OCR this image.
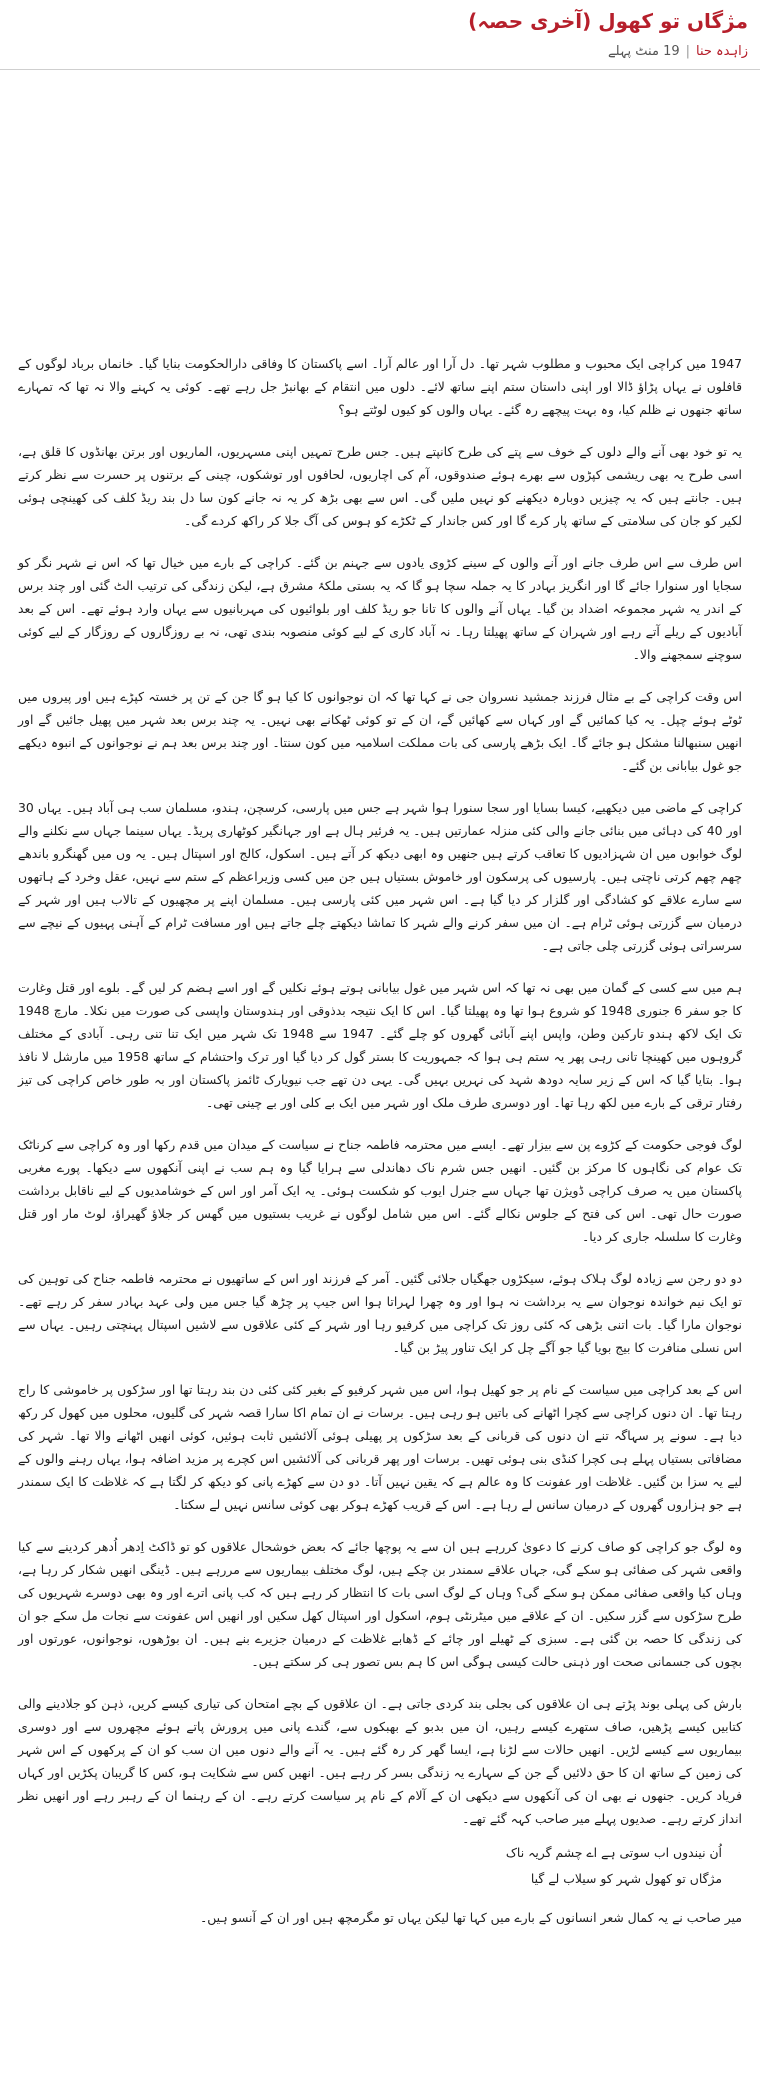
مژگاں تو کھول (آخری حصہ)
زاہدہ حنا|19 منٹ پہلے

1947 میں کراچی ایک محبوب و مطلوب شہر تھا۔ دل آرا اور عالم آرا۔ اسے پاکستان کا وفاقی دارالحکومت بنایا گیا۔ خانماں برباد لوگوں کے قافلوں نے یہاں پڑاؤ ڈالا اور اپنی داستان ستم اپنے ساتھ لائے۔ دلوں میں انتقام کے بھانبڑ جل رہے تھے۔ کوئی یہ کہنے والا نہ تھا کہ تمہارے ساتھ جنھوں نے ظلم کیا، وہ بہت پیچھے رہ گئے۔ یہاں والوں کو کیوں لوٹتے ہو؟

یہ تو خود بھی آنے والے دلوں کے خوف سے پتے کی طرح کانپتے ہیں۔ جس طرح تمہیں اپنی مسہریوں، الماریوں اور برتن بھانڈوں کا قلق ہے، اسی طرح یہ بھی ریشمی کپڑوں سے بھرے ہوئے صندوقوں، آم کی اچاریوں، لحافوں اور توشکوں، چینی کے برتنوں پر حسرت سے نظر کرتے ہیں۔ جانتے ہیں کہ یہ چیزیں دوبارہ دیکھنے کو نہیں ملیں گی۔ اس سے بھی بڑھ کر یہ نہ جانے کون سا دل بند ریڈ کلف کی کھینچی ہوئی لکیر کو جان کی سلامتی کے ساتھ پار کرے گا اور کس جاندار کے ٹکڑے کو ہوس کی آگ جلا کر راکھ کردے گی۔

اس طرف سے اس طرف جانے اور آنے والوں کے سینے کڑوی یادوں سے جہنم بن گئے۔ کراچی کے بارے میں خیال تھا کہ اس نے شہر نگر کو سجایا اور سنوارا جائے گا اور انگریز بہادر کا یہ جملہ سچا ہو گا کہ یہ بستی ملکۂ مشرق ہے، لیکن زندگی کی ترتیب الٹ گئی اور چند برس کے اندر یہ شہر مجموعہ اضداد بن گیا۔ یہاں آنے والوں کا تانا جو ریڈ کلف اور بلوائیوں کی مہربانیوں سے یہاں وارد ہوئے تھے۔ اس کے بعد آبادیوں کے ریلے آتے رہے اور شہران کے ساتھ پھیلتا رہا۔ نہ آباد کاری کے لیے کوئی منصوبہ بندی تھی، نہ بے روزگاروں کے روزگار کے لیے کوئی سوچنے سمجھنے والا۔

اس وقت کراچی کے بے مثال فرزند جمشید نسروان جی نے کہا تھا کہ ان نوجوانوں کا کیا ہو گا جن کے تن پر خستہ کپڑے ہیں اور پیروں میں ٹوٹے ہوئے چپل۔ یہ کیا کمائیں گے اور کہاں سے کھائیں گے، ان کے تو کوئی ٹھکانے بھی نہیں۔ یہ چند برس بعد شہر میں پھیل جائیں گے اور انھیں سنبھالنا مشکل ہو جائے گا۔ ایک بڑھے پارسی کی بات مملکت اسلامیہ میں کون سنتا۔ اور چند برس بعد ہم نے نوجوانوں کے انبوہ دیکھے جو غول بیابانی بن گئے۔

کراچی کے ماضی میں دیکھیے، کیسا بسایا اور سجا سنورا ہوا شہر ہے جس میں پارسی، کرسچن، ہندو، مسلمان سب ہی آباد ہیں۔ یہاں 30 اور 40 کی دہائی میں بنائی جانے والی کئی منزلہ عمارتیں ہیں۔ یہ فرئیر ہال ہے اور جہانگیر کوٹھاری پریڈ۔ یہاں سینما جہاں سے نکلنے والے لوگ خوابوں میں ان شہزادیوں کا تعاقب کرتے ہیں جنھیں وہ ابھی دیکھ کر آتے ہیں۔ اسکول، کالج اور اسپتال ہیں۔ یہ وں میں گھنگرو باندھے چھم چھم کرتی ناچتی ہیں۔ پارسیوں کی پرسکون اور خاموش بستیاں ہیں جن میں کسی وزیراعظم کے ستم سے نہیں، عقل وخرد کے ہاتھوں سے سارے علاقے کو کشادگی اور گلزار کر دیا گیا ہے۔ اس شہر میں کئی پارسی ہیں۔ مسلمان اپنے پر مچھیوں کے تالاب ہیں اور شہر کے درمیان سے گزرتی ہوئی ٹرام ہے۔ ان میں سفر کرنے والے شہر کا تماشا دیکھتے چلے جاتے ہیں اور مسافت ٹرام کے آہنی پہیوں کے نیچے سے سرسراتی ہوئی گزرتی چلی جاتی ہے۔

ہم میں سے کسی کے گمان میں بھی نہ تھا کہ اس شہر میں غول بیابانی ہوتے ہوئے نکلیں گے اور اسے ہضم کر لیں گے۔ بلوے اور قتل وغارت کا جو سفر 6 جنوری 1948 کو شروع ہوا تھا وہ پھیلتا گیا۔ اس کا ایک نتیجہ بدذوقی اور ہندوستان واپسی کی صورت میں نکلا۔ مارچ 1948 تک ایک لاکھ ہندو تارکین وطن، واپس اپنے آبائی گھروں کو چلے گئے۔ 1947 سے 1948 تک شہر میں ایک تنا تنی رہی۔ آبادی کے مختلف گروہوں میں کھینچا تانی رہی پھر یہ ستم ہی ہوا کہ جمہوریت کا بستر گول کر دیا گیا اور ترک واحتشام کے ساتھ 1958 میں مارشل لا نافذ ہوا۔ بتایا گیا کہ اس کے زیر سایہ دودھ شہد کی نہریں بہیں گی۔ یہی دن تھے جب نیویارک ٹائمز پاکستان اور بہ طور خاص کراچی کی تیز رفتار ترقی کے بارے میں لکھ رہا تھا۔ اور دوسری طرف ملک اور شہر میں ایک بے کلی اور بے چینی تھی۔

لوگ فوجی حکومت کے کڑوے پن سے بیزار تھے۔ ایسے میں محترمہ فاطمہ جناح نے سیاست کے میدان میں قدم رکھا اور وہ کراچی سے کرناٹک تک عوام کی نگاہوں کا مرکز بن گئیں۔ انھیں جس شرم ناک دھاندلی سے ہرایا گیا وہ ہم سب نے اپنی آنکھوں سے دیکھا۔ پورے مغربی پاکستان میں یہ صرف کراچی ڈویژن تھا جہاں سے جنرل ایوب کو شکست ہوئی۔ یہ ایک آمر اور اس کے خوشامدیوں کے لیے ناقابل برداشت صورت حال تھی۔ اس کی فتح کے جلوس نکالے گئے۔ اس میں شامل لوگوں نے غریب بستیوں میں گھس کر جلاؤ گھیراؤ، لوٹ مار اور قتل وغارت کا سلسلہ جاری کر دیا۔

دو دو رجن سے زیادہ لوگ ہلاک ہوئے، سیکڑوں جھگیاں جلائی گئیں۔ آمر کے فرزند اور اس کے ساتھیوں نے محترمہ فاطمہ جناح کی توہین کی تو ایک نیم خواندہ نوجوان سے یہ برداشت نہ ہوا اور وہ چھرا لہراتا ہوا اس جیپ پر چڑھ گیا جس میں ولی عہد بہادر سفر کر رہے تھے۔ نوجوان مارا گیا۔ بات اتنی بڑھی کہ کئی روز تک کراچی میں کرفیو رہا اور شہر کے کئی علاقوں سے لاشیں اسپتال پہنچتی رہیں۔ یہاں سے اس نسلی منافرت کا بیج بویا گیا جو آگے چل کر ایک تناور پیڑ بن گیا۔

اس کے بعد کراچی میں سیاست کے نام پر جو کھیل ہوا، اس میں شہر کرفیو کے بغیر کئی کئی دن بند رہتا تھا اور سڑکوں پر خاموشی کا راج رہتا تھا۔ ان دنوں کراچی سے کچرا اٹھانے کی باتیں ہو رہی ہیں۔ برسات نے ان تمام اکا سارا قصہ شہر کی گلیوں، محلوں میں کھول کر رکھ دیا ہے۔ سونے پر سہاگہ تنے ان دنوں کی قربانی کے بعد سڑکوں پر پھیلی ہوئی آلائشیں ثابت ہوئیں، کوئی انھیں اٹھانے والا تھا۔ شہر کی مضافاتی بستیاں پہلے ہی کچرا کنڈی بنی ہوئی تھیں۔ برسات اور پھر قربانی کی آلائشیں اس کچرے پر مزید اضافہ ہوا، یہاں رہنے والوں کے لیے یہ سزا بن گئیں۔ غلاظت اور عفونت کا وہ عالم ہے کہ یقین نہیں آتا۔ دو دن سے کھڑے پانی کو دیکھ کر لگتا ہے کہ غلاظت کا ایک سمندر ہے جو ہزاروں گھروں کے درمیان سانس لے رہا ہے۔ اس کے قریب کھڑے ہوکر بھی کوئی سانس نہیں لے سکتا۔

وہ لوگ جو کراچی کو صاف کرنے کا دعویٰ کررہے ہیں ان سے یہ پوچھا جائے کہ بعض خوشحال علاقوں کو تو ڈاکٹ اِدھر اُدھر کردینے سے کیا واقعی شہر کی صفائی ہو سکے گی، جہاں علاقے سمندر بن چکے ہیں، لوگ مختلف بیماریوں سے مررہے ہیں۔ ڈینگی انھیں شکار کر رہا ہے، وہاں کیا واقعی صفائی ممکن ہو سکے گی؟ وہاں کے لوگ اسی بات کا انتظار کر رہے ہیں کہ کب پانی اترے اور وہ بھی دوسرے شہریوں کی طرح سڑکوں سے گزر سکیں۔ ان کے علاقے میں میٹرنٹی ہوم، اسکول اور اسپتال کھل سکیں اور انھیں اس عفونت سے نجات مل سکے جو ان کی زندگی کا حصہ بن گئی ہے۔ سبزی کے ٹھیلے اور چائے کے ڈھابے غلاظت کے درمیان جزیرے بنے ہیں۔ ان بوڑھوں، نوجوانوں، عورتوں اور بچوں کی جسمانی صحت اور ذہنی حالت کیسی ہوگی اس کا ہم بس تصور ہی کر سکتے ہیں۔

بارش کی پہلی بوند پڑتے ہی ان علاقوں کی بجلی بند کردی جاتی ہے۔ ان علاقوں کے بچے امتحان کی تیاری کیسے کریں، ذہن کو جلادینے والی کتابیں کیسے پڑھیں، صاف ستھرے کیسے رہیں، ان میں بدبو کے بھبکوں سے، گندے پانی میں پرورش پاتے ہوئے مچھروں سے اور دوسری بیماریوں سے کیسے لڑیں۔ انھیں حالات سے لڑنا ہے، ایسا گھر کر رہ گئے ہیں۔ یہ آنے والے دنوں میں ان سب کو ان کے پرکھوں کے اس شہر کی زمین کے ساتھ ان کا حق دلائیں گے جن کے سہارے یہ زندگی بسر کر رہے ہیں۔ انھیں کس سے شکایت ہو، کس کا گریبان پکڑیں اور کہاں فریاد کریں۔ جنھوں نے بھی ان کی آنکھوں سے دیکھی ان کے آلام کے نام پر سیاست کرتے رہے۔ ان کے رہنما ان کے رہبر رہے اور انھیں نظر انداز کرتے رہے۔ صدیوں پہلے میر صاحب کہہ گئے تھے۔

اُن نیندوں اب سوتی ہے اے چشم گریہ ناک
مژگاں تو کھول شہر کو سیلاب لے گیا

میر صاحب نے یہ کمال شعر انسانوں کے بارے میں کہا تھا لیکن یہاں تو مگرمچھ ہیں اور ان کے آنسو ہیں۔
